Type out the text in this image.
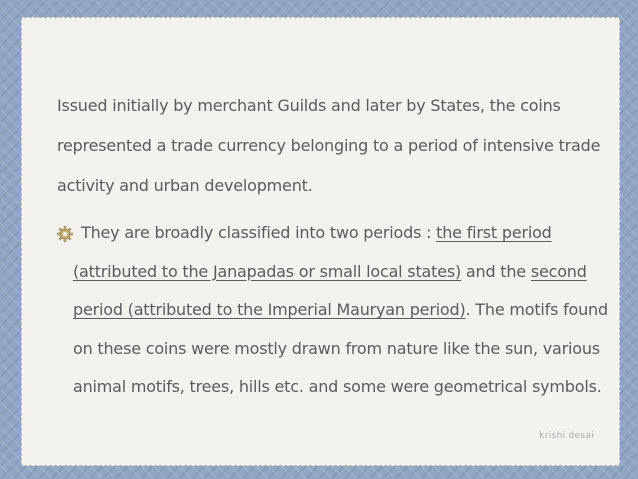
Issued initially by merchant Guilds and later by States, the coins
represented a trade currency belonging to a period of intensive trade
activity and urban development.
They are broadly classified into two periods : the first period
(attributed to the Janapadas or small local states) and the second
period (attributed to the Imperial Mauryan period). The motifs found
on these coins were mostly drawn from nature like the sun, various
animal motifs, trees, hills etc. and some were geometrical symbols.
krishi desai
